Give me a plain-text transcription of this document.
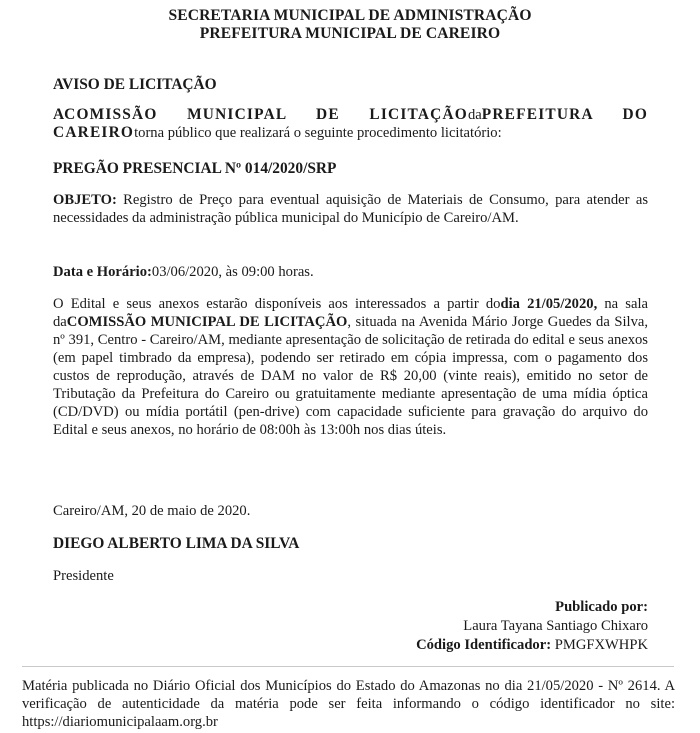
SECRETARIA MUNICIPAL DE ADMINISTRAÇÃO
PREFEITURA MUNICIPAL DE CAREIRO
AVISO DE LICITAÇÃO
ACOMISSÃO MUNICIPAL DE LICITAÇÃOdaPREFEITURA DO CAREIROtorna público que realizará o seguinte procedimento licitatório:
PREGÃO PRESENCIAL Nº 014/2020/SRP
OBJETO: Registro de Preço para eventual aquisição de Materiais de Consumo, para atender as necessidades da administração pública municipal do Município de Careiro/AM.
Data e Horário:03/06/2020, às 09:00 horas.
O Edital e seus anexos estarão disponíveis aos interessados a partir dodia 21/05/2020, na sala daCOMISSÃO MUNICIPAL DE LICITAÇÃO, situada na Avenida Mário Jorge Guedes da Silva, nº 391, Centro - Careiro/AM, mediante apresentação de solicitação de retirada do edital e seus anexos (em papel timbrado da empresa), podendo ser retirado em cópia impressa, com o pagamento dos custos de reprodução, através de DAM no valor de R$ 20,00 (vinte reais), emitido no setor de Tributação da Prefeitura do Careiro ou gratuitamente mediante apresentação de uma mídia óptica (CD/DVD) ou mídia portátil (pen-drive) com capacidade suficiente para gravação do arquivo do Edital e seus anexos, no horário de 08:00h às 13:00h nos dias úteis.
Careiro/AM, 20 de maio de 2020.
DIEGO ALBERTO LIMA DA SILVA
Presidente
Publicado por:
Laura Tayana Santiago Chixaro
Código Identificador: PMGFXWHPK
Matéria publicada no Diário Oficial dos Municípios do Estado do Amazonas no dia 21/05/2020 - Nº 2614. A verificação de autenticidade da matéria pode ser feita informando o código identificador no site: https://diariomunicipalaam.org.br
